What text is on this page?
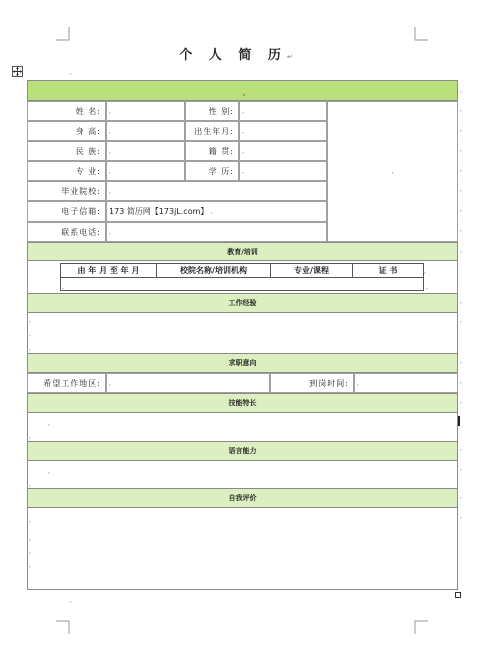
个 人 简 历↵
,
,
姓 名:	,	性 别:	,
身 高:	,	出生年月:	,
民 族:	,	籍 贯:	,
专 业:	,	学 历:	,
毕业院校:	,
电子信箱:	173 简历网【173jL.com】 ,
联系电话:	,
,
教育/培训
由 年 月 至 年 月	校院名称/培训机构	专业/课程	证 书
工作经验
求职意向
希望工作地区:	,	到岗时间:	,
技能特长
语言能力
自我评价
,
,
,
,
,
,
,
,
,
,
,
,
,
,
,
,
,
,
,
,
,
,
,
,
,
,
,
,
,
,
,
,
,
